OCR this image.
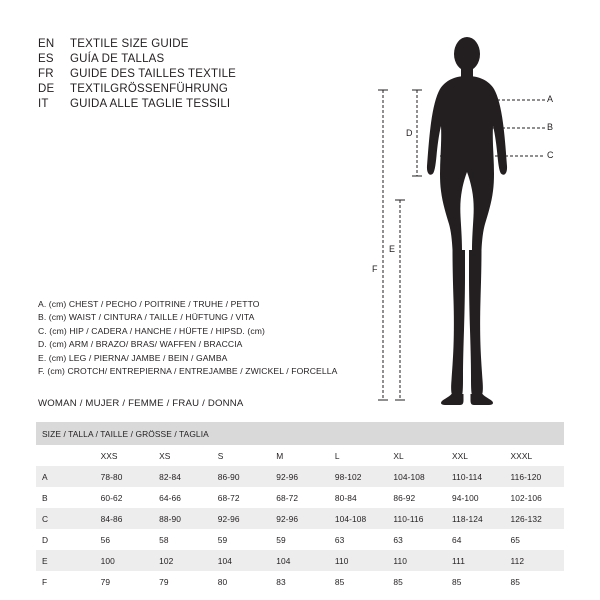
EN	TEXTILE SIZE GUIDE
ES	GUÍA DE TALLAS
FR	GUIDE DES TAILLES TEXTILE
DE	TEXTILGRÖSSENFÜHRUNG
IT	GUIDA ALLE TAGLIE TESSILI	A
B
C
D
E
F
A. (cm) CHEST / PECHO / POITRINE / TRUHE / PETTO
B. (cm) WAIST / CINTURA / TAILLE / HÜFTUNG / VITA
C. (cm) HIP / CADERA / HANCHE / HÜFTE / HIPSD. (cm)
D. (cm) ARM / BRAZO/ BRAS/ WAFFEN / BRACCIA
E. (cm) LEG / PIERNA/ JAMBE / BEIN / GAMBA
F. (cm) CROTCH/ ENTREPIERNA / ENTREJAMBE / ZWICKEL / FORCELLA
WOMAN / MUJER / FEMME / FRAU / DONNA
SIZE / TALLA / TAILLE / GRÖSSE / TAGLIA								
	XXS	XS	S	M	L	XL	XXL	XXXL
A	78-80	82-84	86-90	92-96	98-102	104-108	110-114	116-120
B	60-62	64-66	68-72	68-72	80-84	86-92	94-100	102-106
C	84-86	88-90	92-96	92-96	104-108	110-116	118-124	126-132
D	56	58	59	59	63	63	64	65
E	100	102	104	104	110	110	111	112
F	79	79	80	83	85	85	85	85
